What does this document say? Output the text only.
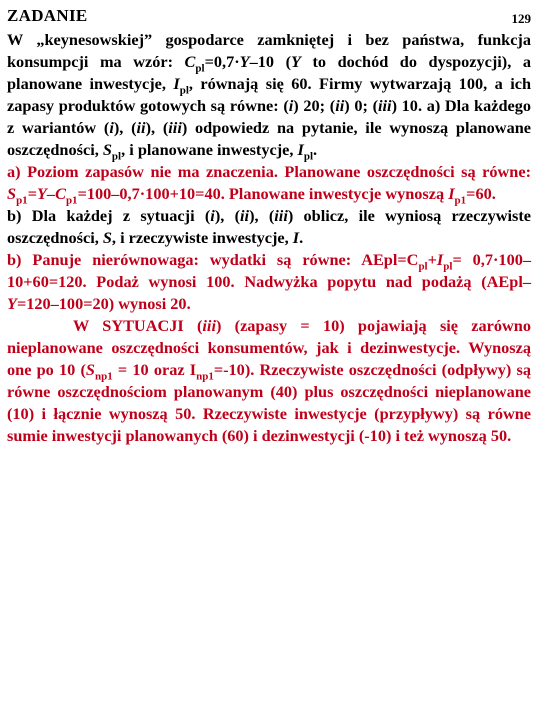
ZADANIE	129

W „keynesowskiej” gospodarce zamkniętej i bez państwa, funkcja konsumpcji ma wzór: $C_{pl}=0,7\cdot Y-10$ (Y to dochód do dyspozycji), a planowane inwestycje, $I_{pl}$, równają się 60. Firmy wytwarzają 100, a ich zapasy produktów gotowych są równe: (i) 20; (ii) 0; (iii) 10. a) Dla każdego z wariantów (i), (ii), (iii) odpowiedz na pytanie, ile wynoszą planowane oszczędności, $S_{pl}$, i planowane inwestycje, $I_{pl}$.

a) Poziom zapasów nie ma znaczenia. Planowane oszczędności są równe: $S_{p1}=Y-C_{p1}=100-0,7\cdot 100+10=40$. Planowane inwestycje wynoszą $I_{p1}=60$.

b) Dla każdej z sytuacji (i), (ii), (iii) oblicz, ile wyniosą rzeczywiste oszczędności, S, i rzeczywiste inwestycje, I.

b) Panuje nierównowaga: wydatki są równe: $AEpl=C_{pl}+I_{pl}= 0,7\cdot 100-10+60=120$. Podaż wynosi 100. Nadwyżka popytu nad podażą (AEpl–Y=120–100=20) wynosi 20.

W SYTUACJI (iii) (zapasy = 10) pojawiają się zarówno nieplanowane oszczędności konsumentów, jak i dezinwestycje. Wynoszą one po 10 ($S_{np1} = 10$ oraz $I_{np1}=-10$). Rzeczywiste oszczędności (odpływy) są równe oszczędnościom planowanym (40) plus oszczędności nieplanowane (10) i łącznie wynoszą 50. Rzeczywiste inwestycje (przypływy) są równe sumie inwestycji planowanych (60) i dezinwestycji (-10) i też wynoszą 50.
